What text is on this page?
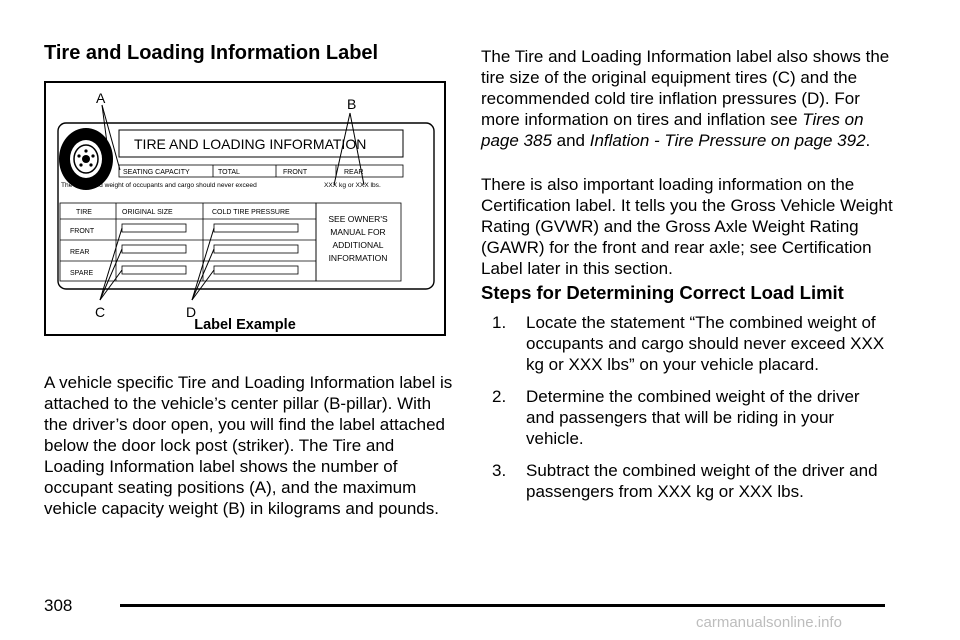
Tire and Loading Information Label
A	B
C	D
TIRE AND LOADING INFORMATION
SEATING CAPACITY	TOTAL	FRONT	REAR
The combined weight of occupants and cargo should never exceed	XXX kg or XXX lbs.
TIRE	ORIGINAL SIZE	COLD TIRE PRESSURE
FRONT
REAR
SPARE
SEE OWNER'S
MANUAL FOR
ADDITIONAL
INFORMATION
Label Example

A vehicle specific Tire and Loading Information label is attached to the vehicle’s center pillar (B-pillar). With the driver’s door open, you will find the label attached below the door lock post (striker). The Tire and Loading Information label shows the number of occupant seating positions (A), and the maximum vehicle capacity weight (B) in kilograms and pounds.

The Tire and Loading Information label also shows the tire size of the original equipment tires (C) and the recommended cold tire inflation pressures (D). For more information on tires and inflation see Tires on page 385 and Inflation - Tire Pressure on page 392.

There is also important loading information on the Certification label. It tells you the Gross Vehicle Weight Rating (GVWR) and the Gross Axle Weight Rating (GAWR) for the front and rear axle; see Certification Label later in this section.

Steps for Determining Correct Load Limit
1. Locate the statement “The combined weight of occupants and cargo should never exceed XXX kg or XXX lbs” on your vehicle placard.
2. Determine the combined weight of the driver and passengers that will be riding in your vehicle.
3. Subtract the combined weight of the driver and passengers from XXX kg or XXX lbs.
308
carmanualsonline.info
